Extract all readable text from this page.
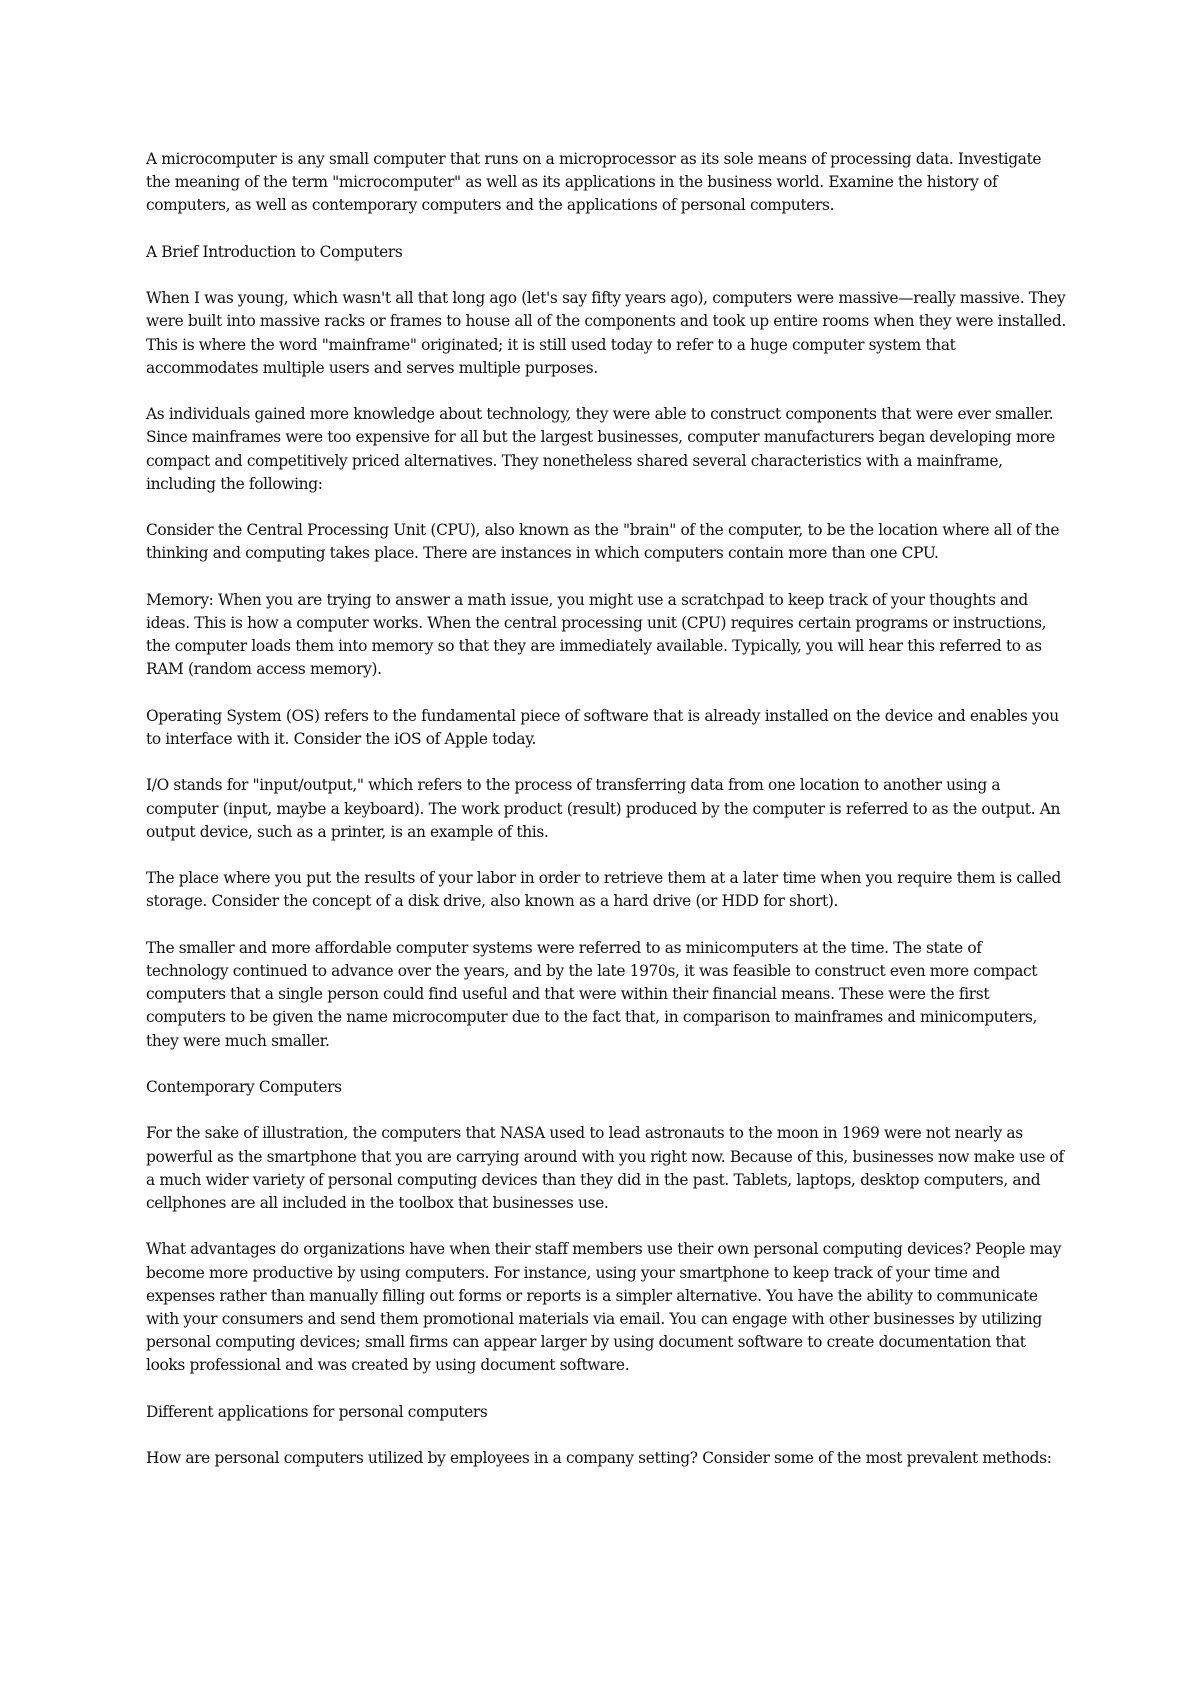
A microcomputer is any small computer that runs on a microprocessor as its sole means of processing data. Investigate the meaning of the term "microcomputer" as well as its applications in the business world. Examine the history of computers, as well as contemporary computers and the applications of personal computers.

A Brief Introduction to Computers

When I was young, which wasn't all that long ago (let's say fifty years ago), computers were massive—really massive. They were built into massive racks or frames to house all of the components and took up entire rooms when they were installed. This is where the word "mainframe" originated; it is still used today to refer to a huge computer system that accommodates multiple users and serves multiple purposes.

As individuals gained more knowledge about technology, they were able to construct components that were ever smaller. Since mainframes were too expensive for all but the largest businesses, computer manufacturers began developing more compact and competitively priced alternatives. They nonetheless shared several characteristics with a mainframe, including the following:

Consider the Central Processing Unit (CPU), also known as the "brain" of the computer, to be the location where all of the thinking and computing takes place. There are instances in which computers contain more than one CPU.

Memory: When you are trying to answer a math issue, you might use a scratchpad to keep track of your thoughts and ideas. This is how a computer works. When the central processing unit (CPU) requires certain programs or instructions, the computer loads them into memory so that they are immediately available. Typically, you will hear this referred to as RAM (random access memory).

Operating System (OS) refers to the fundamental piece of software that is already installed on the device and enables you to interface with it. Consider the iOS of Apple today.

I/O stands for "input/output," which refers to the process of transferring data from one location to another using a computer (input, maybe a keyboard). The work product (result) produced by the computer is referred to as the output. An output device, such as a printer, is an example of this.

The place where you put the results of your labor in order to retrieve them at a later time when you require them is called storage. Consider the concept of a disk drive, also known as a hard drive (or HDD for short).

The smaller and more affordable computer systems were referred to as minicomputers at the time. The state of technology continued to advance over the years, and by the late 1970s, it was feasible to construct even more compact computers that a single person could find useful and that were within their financial means. These were the first computers to be given the name microcomputer due to the fact that, in comparison to mainframes and minicomputers, they were much smaller.

Contemporary Computers

For the sake of illustration, the computers that NASA used to lead astronauts to the moon in 1969 were not nearly as powerful as the smartphone that you are carrying around with you right now. Because of this, businesses now make use of a much wider variety of personal computing devices than they did in the past. Tablets, laptops, desktop computers, and cellphones are all included in the toolbox that businesses use.

What advantages do organizations have when their staff members use their own personal computing devices? People may become more productive by using computers. For instance, using your smartphone to keep track of your time and expenses rather than manually filling out forms or reports is a simpler alternative. You have the ability to communicate with your consumers and send them promotional materials via email. You can engage with other businesses by utilizing personal computing devices; small firms can appear larger by using document software to create documentation that looks professional and was created by using document software.

Different applications for personal computers

How are personal computers utilized by employees in a company setting? Consider some of the most prevalent methods:
